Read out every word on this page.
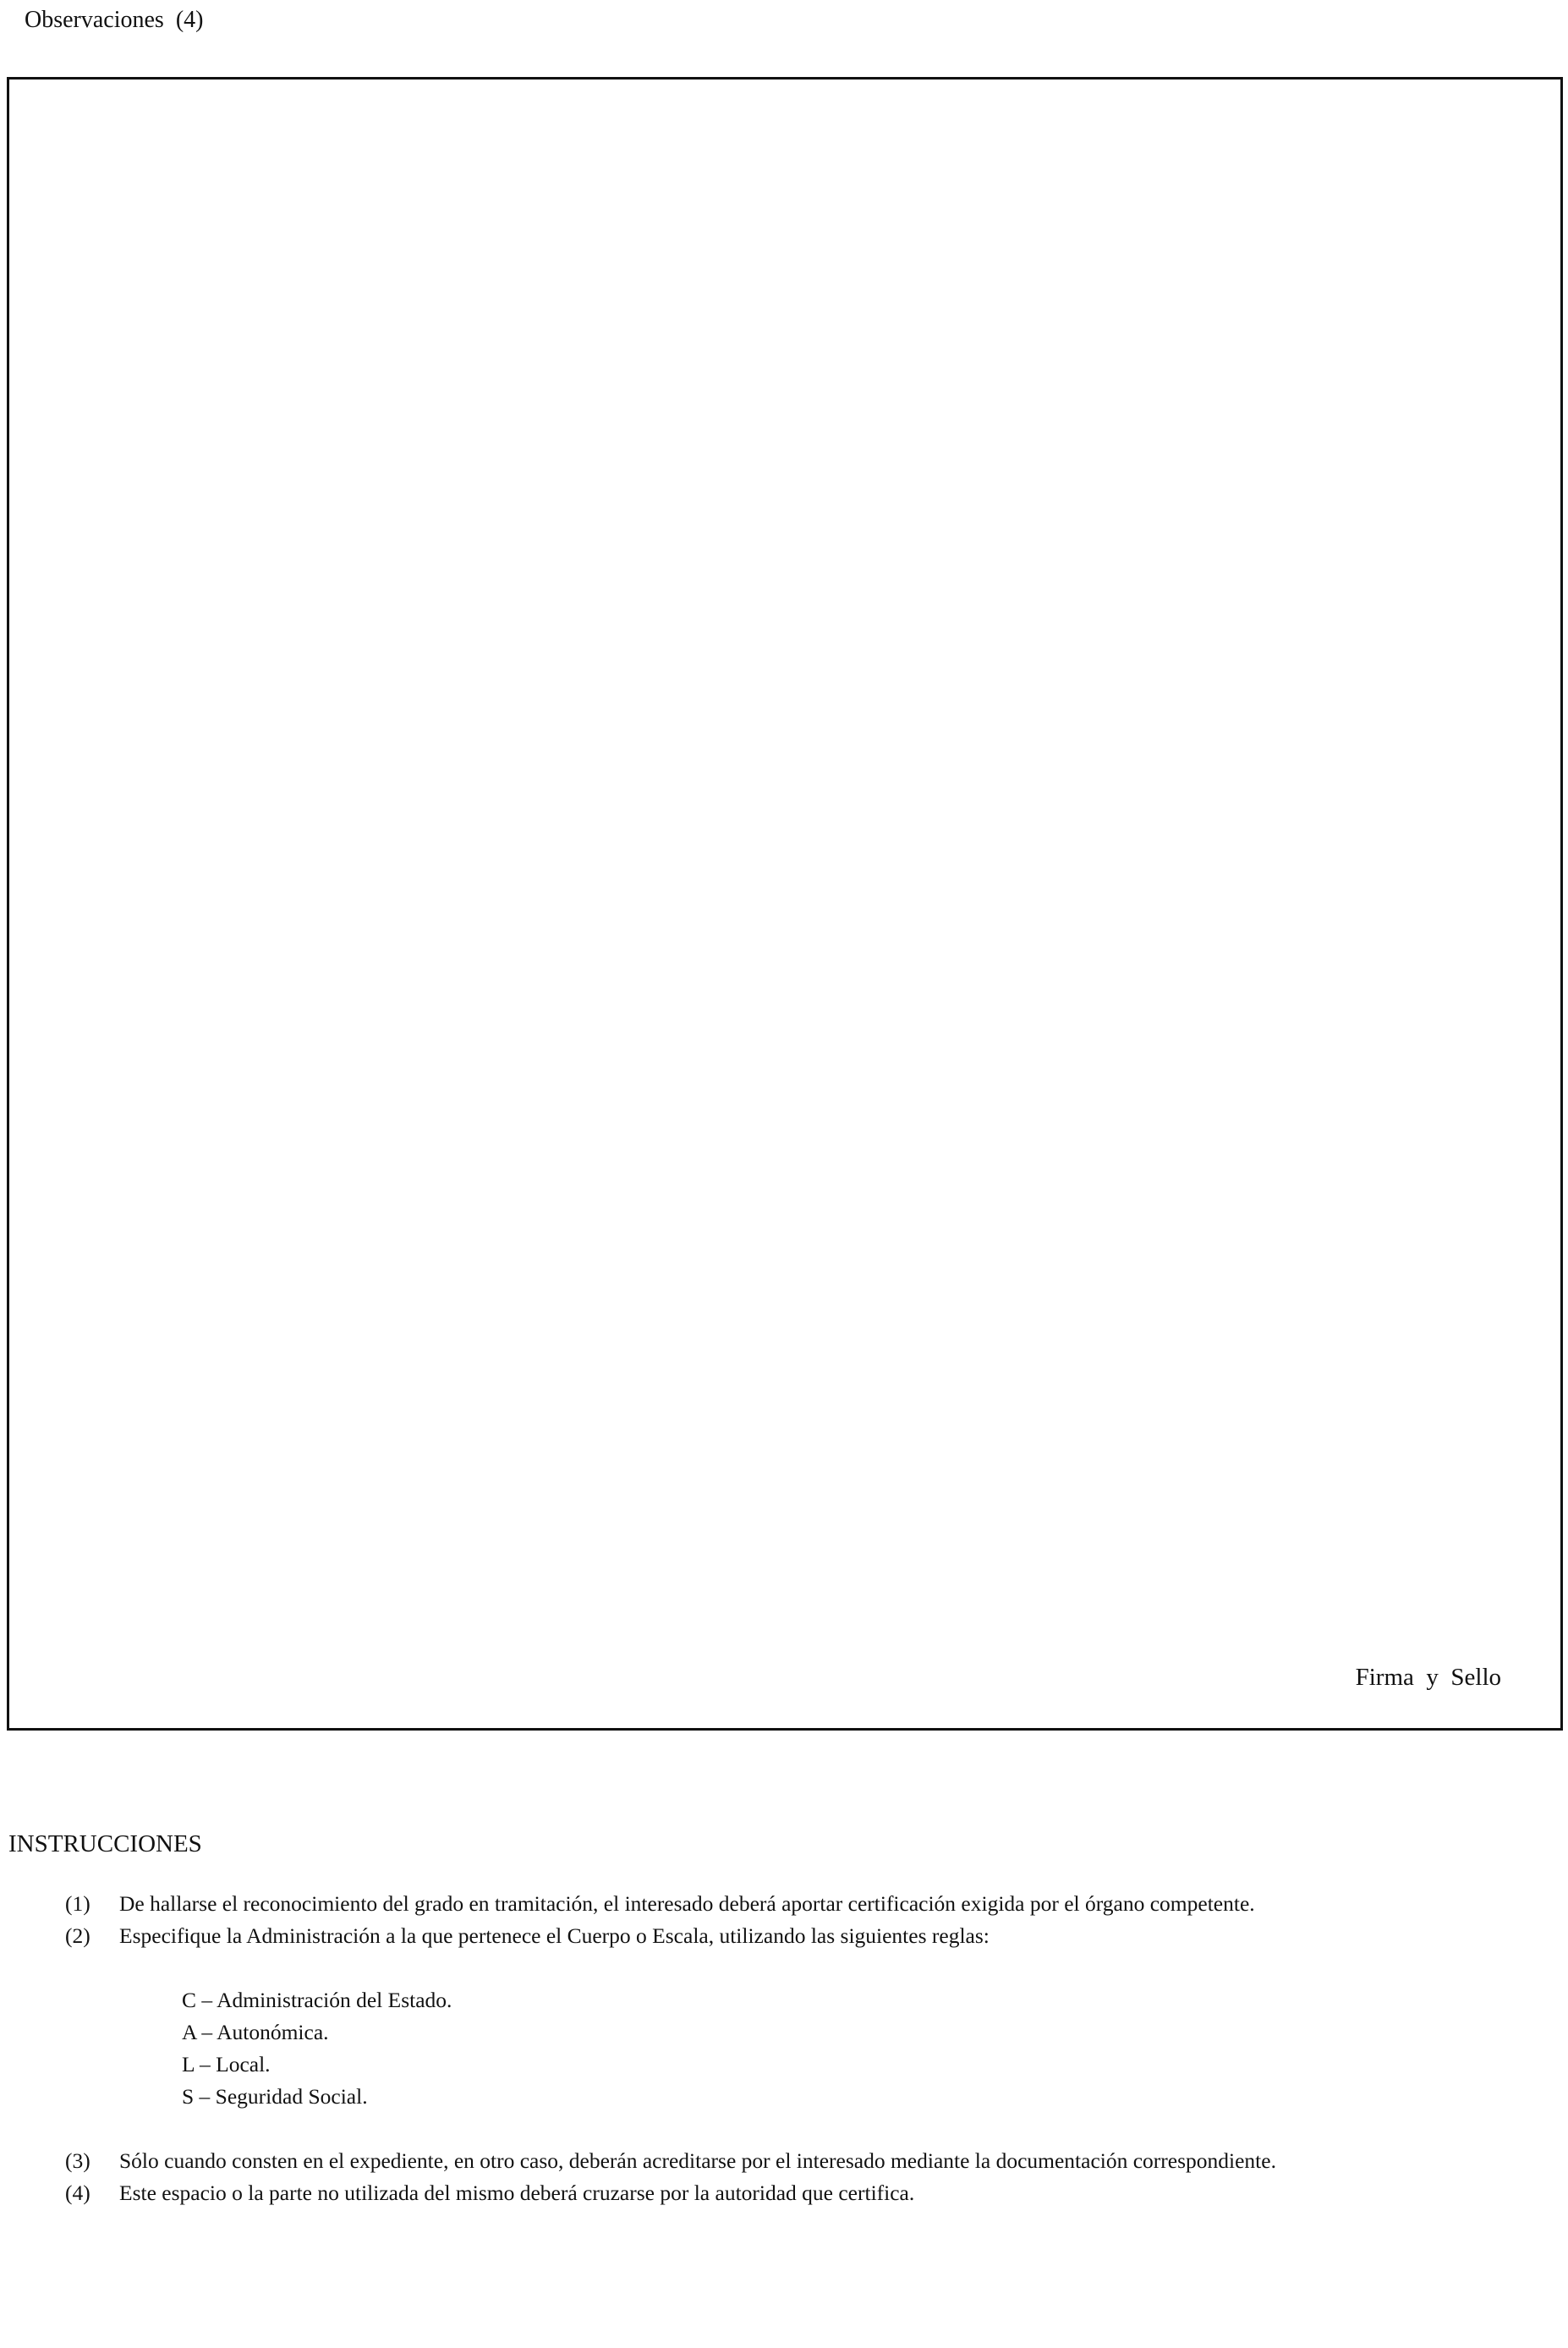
Observaciones  (4)
Firma  y  Sello
INSTRUCCIONES
(1) De hallarse el reconocimiento del grado en tramitación, el interesado deberá aportar certificación exigida por el órgano competente.
(2) Especifique la Administración a la que pertenece el Cuerpo o Escala, utilizando las siguientes reglas:
C – Administración del Estado.
A – Autonómica.
L – Local.
S – Seguridad Social.
(3) Sólo cuando consten en el expediente, en otro caso, deberán acreditarse por el interesado mediante la documentación correspondiente.
(4) Este espacio o la parte no utilizada del mismo deberá cruzarse por la autoridad que certifica.
